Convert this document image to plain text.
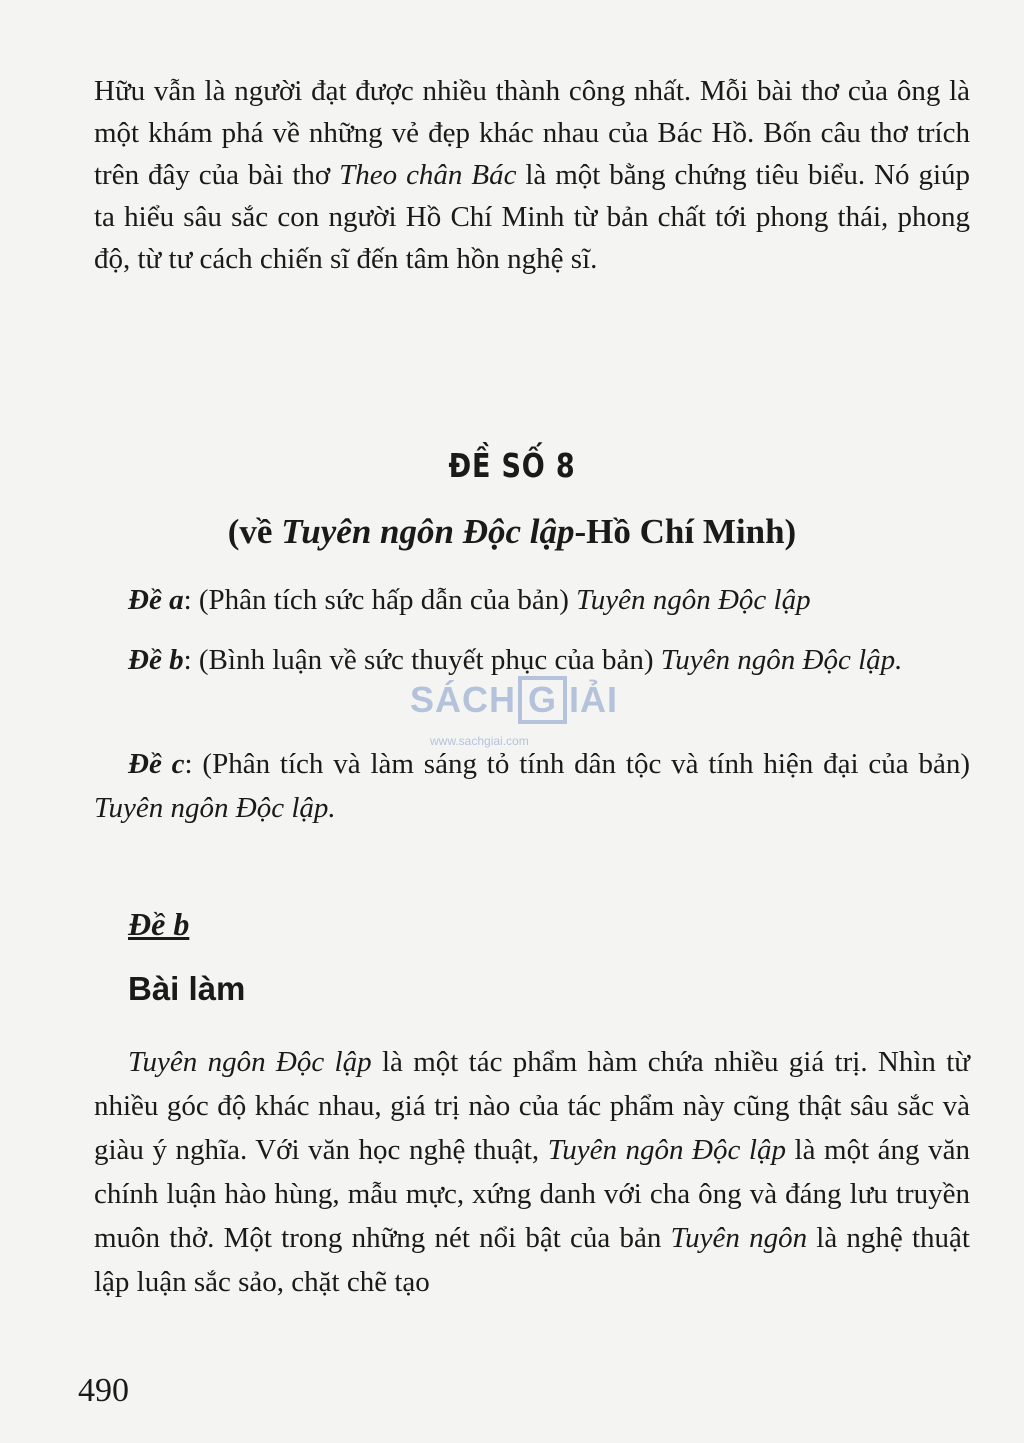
Hữu vẫn là người đạt được nhiều thành công nhất. Mỗi bài thơ của ông là một khám phá về những vẻ đẹp khác nhau của Bác Hồ. Bốn câu thơ trích trên đây của bài thơ Theo chân Bác là một bằng chứng tiêu biểu. Nó giúp ta hiểu sâu sắc con người Hồ Chí Minh từ bản chất tới phong thái, phong độ, từ tư cách chiến sĩ đến tâm hồn nghệ sĩ.

ĐỀ SỐ 8
(về Tuyên ngôn Độc lập-Hồ Chí Minh)

Đề a: (Phân tích sức hấp dẫn của bản) Tuyên ngôn Độc lập

Đề b: (Bình luận về sức thuyết phục của bản) Tuyên ngôn Độc lập.

Đề c: (Phân tích và làm sáng tỏ tính dân tộc và tính hiện đại của bản) Tuyên ngôn Độc lập.

Đề b
Bài làm

Tuyên ngôn Độc lập là một tác phẩm hàm chứa nhiều giá trị. Nhìn từ nhiều góc độ khác nhau, giá trị nào của tác phẩm này cũng thật sâu sắc và giàu ý nghĩa. Với văn học nghệ thuật, Tuyên ngôn Độc lập là một áng văn chính luận hào hùng, mẫu mực, xứng danh với cha ông và đáng lưu truyền muôn thở. Một trong những nét nổi bật của bản Tuyên ngôn là nghệ thuật lập luận sắc sảo, chặt chẽ tạo

SÁCH G IẢI
www.sachgiai.com
490
